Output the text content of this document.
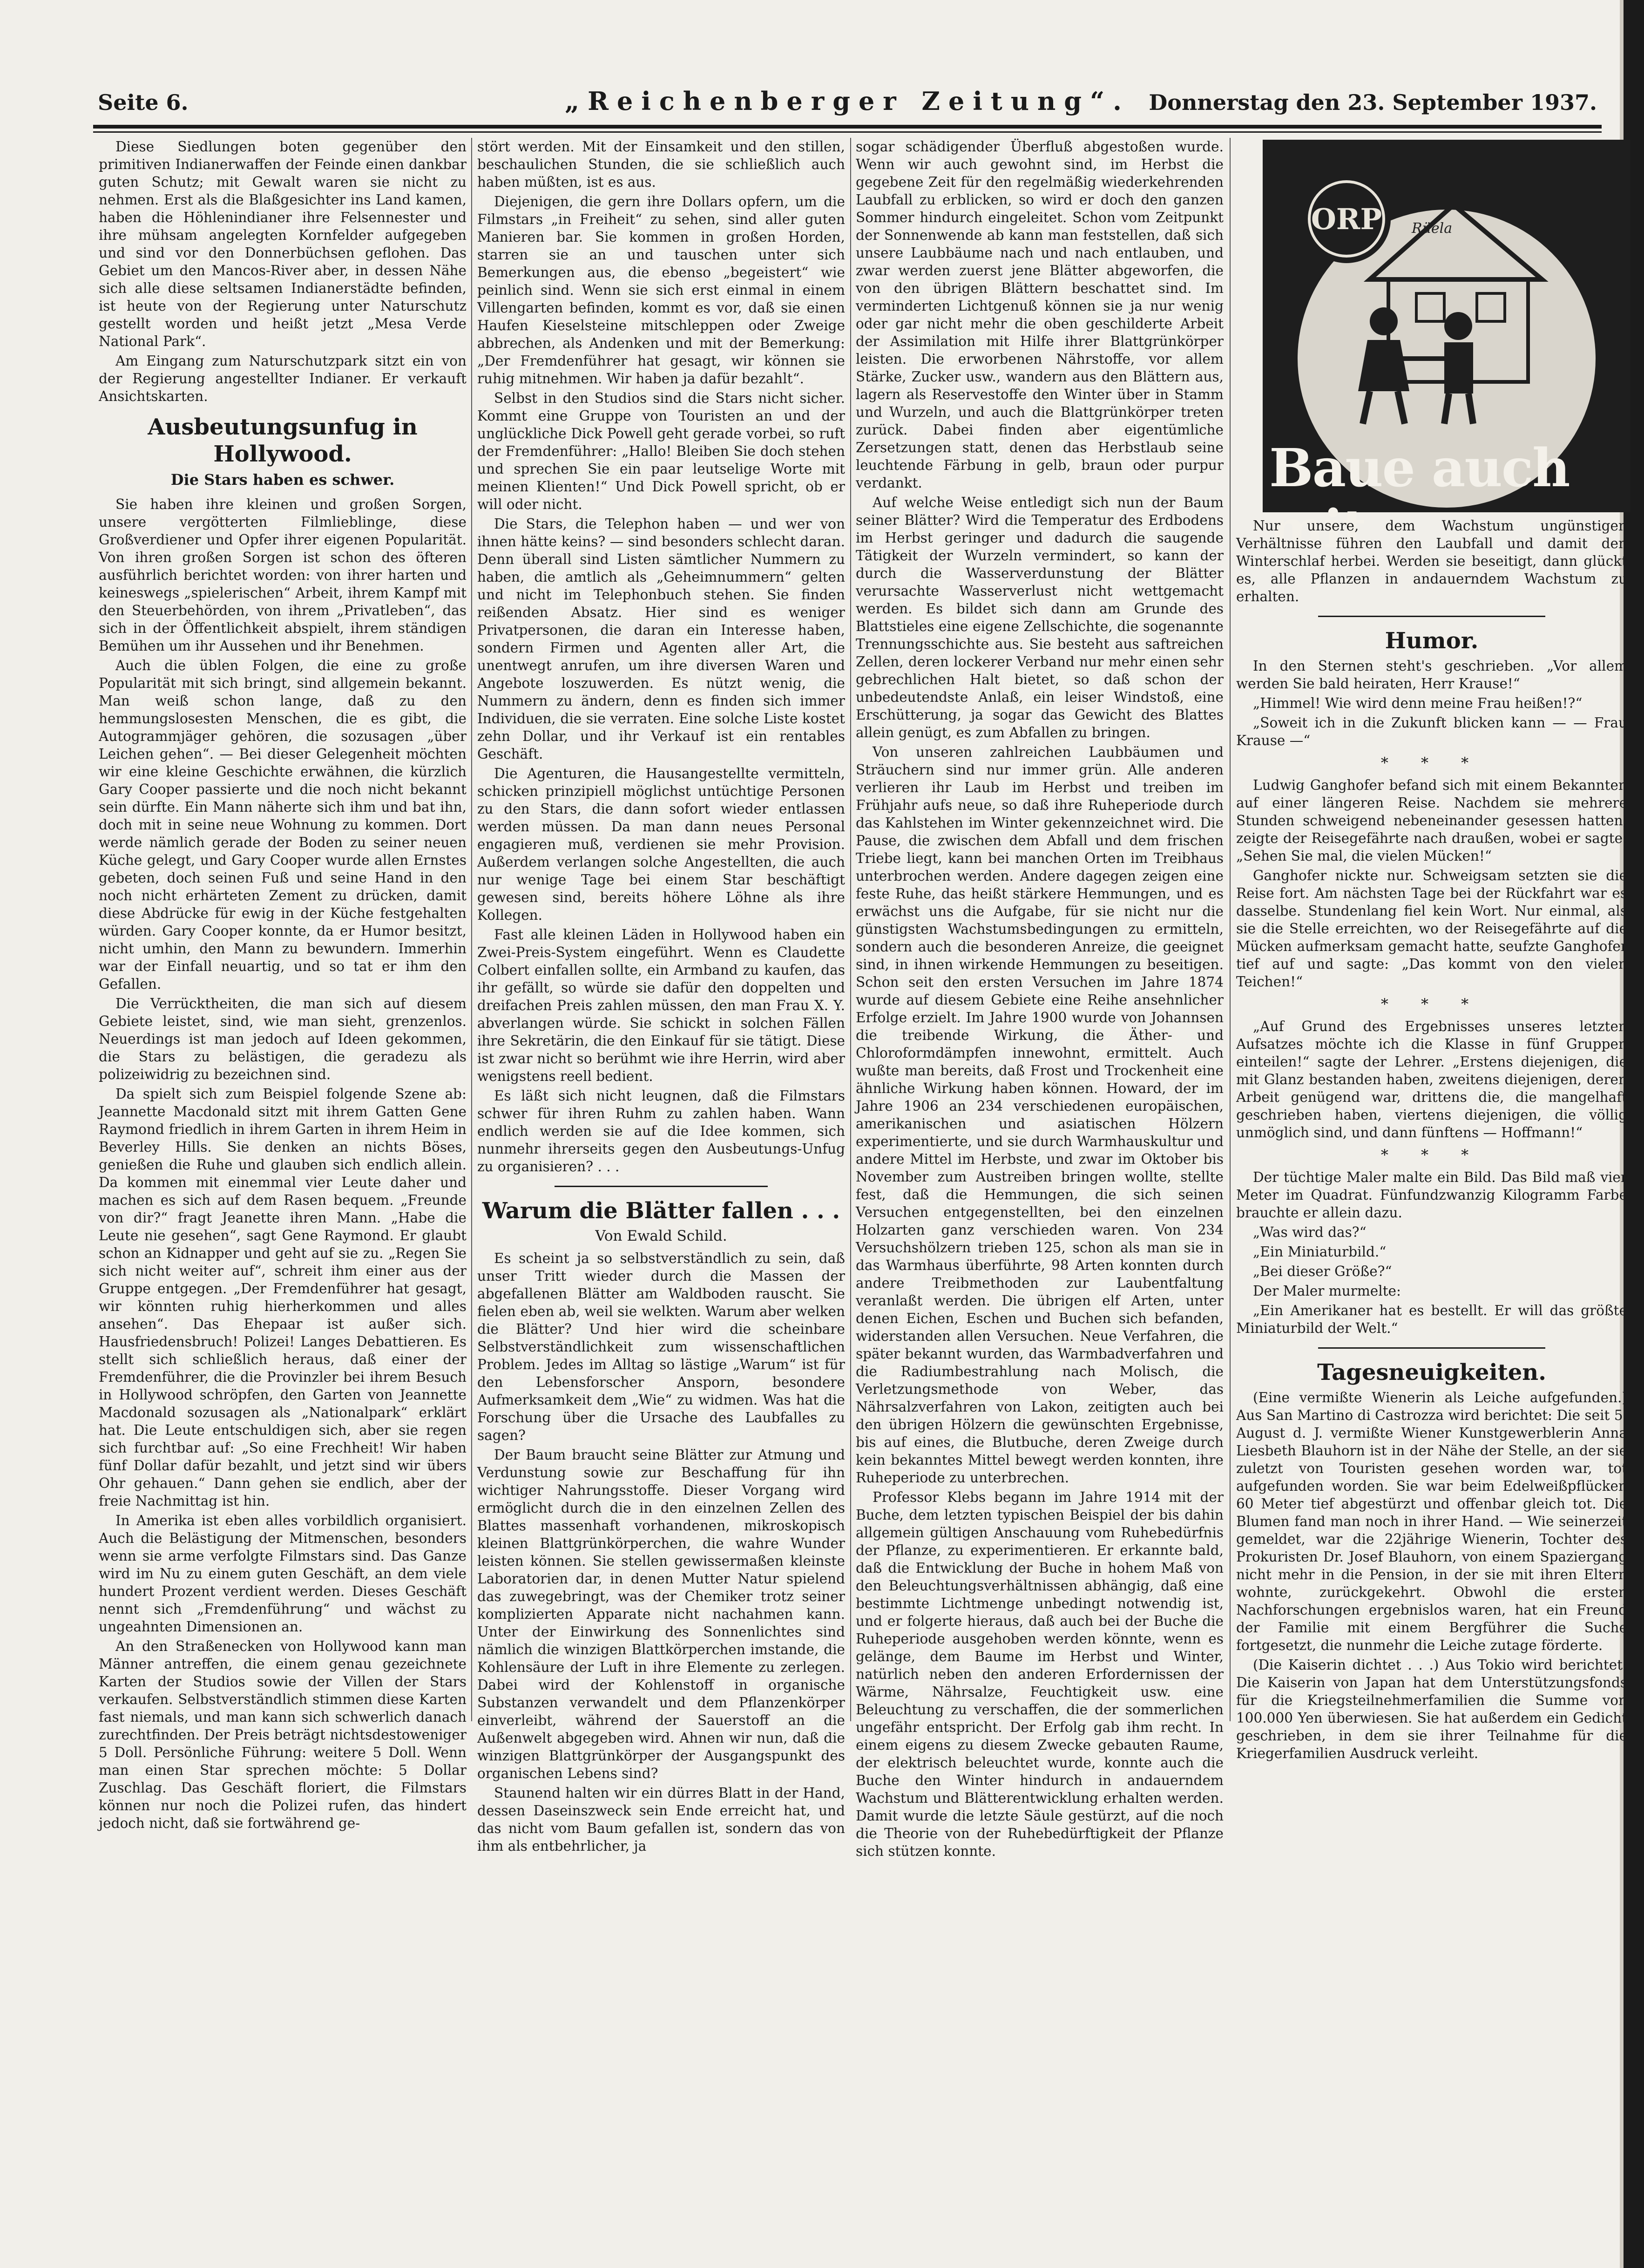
„Reichenberger Zeitung“.
Seite 6.	Donnerstag den 23. September 1937.

Diese Siedlungen boten gegenüber den primitiven Indianerwaffen der Feinde einen dankbar guten Schutz; mit Gewalt waren sie nicht zu nehmen. Erst als die Blaßgesichter ins Land kamen, haben die Höhlenindianer ihre Felsennester und ihre mühsam angelegten Kornfelder aufgegeben und sind vor den Donnerbüchsen geflohen. Das Gebiet um den Mancos-River aber, in dessen Nähe sich alle diese seltsamen Indianerstädte befinden, ist heute von der Regierung unter Naturschutz gestellt worden und heißt jetzt „Mesa Verde National Park“.

Am Eingang zum Naturschutzpark sitzt ein von der Regierung angestellter Indianer. Er verkauft Ansichtskarten.

Ausbeutungsunfug in Hollywood.
Die Stars haben es schwer.

Sie haben ihre kleinen und großen Sorgen, unsere vergötterten Filmlieblinge, diese Großverdiener und Opfer ihrer eigenen Popularität. Von ihren großen Sorgen ist schon des öfteren ausführlich berichtet worden: von ihrer harten und keineswegs „spielerischen“ Arbeit, ihrem Kampf mit den Steuerbehörden, von ihrem „Privatleben“, das sich in der Öffentlichkeit abspielt, ihrem ständigen Bemühen um ihr Aussehen und ihr Benehmen.

Auch die üblen Folgen, die eine zu große Popularität mit sich bringt, sind allgemein bekannt. Man weiß schon lange, daß zu den hemmungslosesten Menschen, die es gibt, die Autogrammjäger gehören, die sozusagen „über Leichen gehen“. — Bei dieser Gelegenheit möchten wir eine kleine Geschichte erwähnen, die kürzlich Gary Cooper passierte und die noch nicht bekannt sein dürfte. Ein Mann näherte sich ihm und bat ihn, doch mit in seine neue Wohnung zu kommen. Dort werde nämlich gerade der Boden zu seiner neuen Küche gelegt, und Gary Cooper wurde allen Ernstes gebeten, doch seinen Fuß und seine Hand in den noch nicht erhärteten Zement zu drücken, damit diese Abdrücke für ewig in der Küche festgehalten würden. Gary Cooper konnte, da er Humor besitzt, nicht umhin, den Mann zu bewundern. Immerhin war der Einfall neuartig, und so tat er ihm den Gefallen.

Die Verrücktheiten, die man sich auf diesem Gebiete leistet, sind, wie man sieht, grenzenlos. Neuerdings ist man jedoch auf Ideen gekommen, die Stars zu belästigen, die geradezu als polizeiwidrig zu bezeichnen sind.

Da spielt sich zum Beispiel folgende Szene ab: Jeannette Macdonald sitzt mit ihrem Gatten Gene Raymond friedlich in ihrem Garten in ihrem Heim in Beverley Hills. Sie denken an nichts Böses, genießen die Ruhe und glauben sich endlich allein. Da kommen mit einemmal vier Leute daher und machen es sich auf dem Rasen bequem. „Freunde von dir?“ fragt Jeanette ihren Mann. „Habe die Leute nie gesehen“, sagt Gene Raymond. Er glaubt schon an Kidnapper und geht auf sie zu. „Regen Sie sich nicht weiter auf“, schreit ihm einer aus der Gruppe entgegen. „Der Fremdenführer hat gesagt, wir könnten ruhig hierherkommen und alles ansehen“. Das Ehepaar ist außer sich. Hausfriedensbruch! Polizei! Langes Debattieren. Es stellt sich schließlich heraus, daß einer der Fremdenführer, die die Provinzler bei ihrem Besuch in Hollywood schröpfen, den Garten von Jeannette Macdonald sozusagen als „Nationalpark“ erklärt hat. Die Leute entschuldigen sich, aber sie regen sich furchtbar auf: „So eine Frechheit! Wir haben fünf Dollar dafür bezahlt, und jetzt sind wir übers Ohr gehauen.“ Dann gehen sie endlich, aber der freie Nachmittag ist hin.

In Amerika ist eben alles vorbildlich organisiert. Auch die Belästigung der Mitmenschen, besonders wenn sie arme verfolgte Filmstars sind. Das Ganze wird im Nu zu einem guten Geschäft, an dem viele hundert Prozent verdient werden. Dieses Geschäft nennt sich „Fremdenführung“ und wächst zu ungeahnten Dimensionen an.

An den Straßenecken von Hollywood kann man Männer antreffen, die einem genau gezeichnete Karten der Studios sowie der Villen der Stars verkaufen. Selbstverständlich stimmen diese Karten fast niemals, und man kann sich schwerlich danach zurechtfinden. Der Preis beträgt nichtsdestoweniger 5 Doll. Persönliche Führung: weitere 5 Doll. Wenn man einen Star sprechen möchte: 5 Dollar Zuschlag. Das Geschäft floriert, die Filmstars können nur noch die Polizei rufen, das hindert jedoch nicht, daß sie fortwährend ge-

stört werden. Mit der Einsamkeit und den stillen, beschaulichen Stunden, die sie schließlich auch haben müßten, ist es aus.

Diejenigen, die gern ihre Dollars opfern, um die Filmstars „in Freiheit“ zu sehen, sind aller guten Manieren bar. Sie kommen in großen Horden, starren sie an und tauschen unter sich Bemerkungen aus, die ebenso „begeistert“ wie peinlich sind. Wenn sie sich erst einmal in einem Villengarten befinden, kommt es vor, daß sie einen Haufen Kieselsteine mitschleppen oder Zweige abbrechen, als Andenken und mit der Bemerkung: „Der Fremdenführer hat gesagt, wir können sie ruhig mitnehmen. Wir haben ja dafür bezahlt“.

Selbst in den Studios sind die Stars nicht sicher. Kommt eine Gruppe von Touristen an und der unglückliche Dick Powell geht gerade vorbei, so ruft der Fremdenführer: „Hallo! Bleiben Sie doch stehen und sprechen Sie ein paar leutselige Worte mit meinen Klienten!“ Und Dick Powell spricht, ob er will oder nicht.

Die Stars, die Telephon haben — und wer von ihnen hätte keins? — sind besonders schlecht daran. Denn überall sind Listen sämtlicher Nummern zu haben, die amtlich als „Geheimnummern“ gelten und nicht im Telephonbuch stehen. Sie finden reißenden Absatz. Hier sind es weniger Privatpersonen, die daran ein Interesse haben, sondern Firmen und Agenten aller Art, die unentwegt anrufen, um ihre diversen Waren und Angebote loszuwerden. Es nützt wenig, die Nummern zu ändern, denn es finden sich immer Individuen, die sie verraten. Eine solche Liste kostet zehn Dollar, und ihr Verkauf ist ein rentables Geschäft.

Die Agenturen, die Hausangestellte vermitteln, schicken prinzipiell möglichst untüchtige Personen zu den Stars, die dann sofort wieder entlassen werden müssen. Da man dann neues Personal engagieren muß, verdienen sie mehr Provision. Außerdem verlangen solche Angestellten, die auch nur wenige Tage bei einem Star beschäftigt gewesen sind, bereits höhere Löhne als ihre Kollegen.

Fast alle kleinen Läden in Hollywood haben ein Zwei-Preis-System eingeführt. Wenn es Claudette Colbert einfallen sollte, ein Armband zu kaufen, das ihr gefällt, so würde sie dafür den doppelten und dreifachen Preis zahlen müssen, den man Frau X. Y. abverlangen würde. Sie schickt in solchen Fällen ihre Sekretärin, die den Einkauf für sie tätigt. Diese ist zwar nicht so berühmt wie ihre Herrin, wird aber wenigstens reell bedient.

Es läßt sich nicht leugnen, daß die Filmstars schwer für ihren Ruhm zu zahlen haben. Wann endlich werden sie auf die Idee kommen, sich nunmehr ihrerseits gegen den Ausbeutungs-Unfug zu organisieren? . . .

Warum die Blätter fallen . . .
Von Ewald Schild.

Es scheint ja so selbstverständlich zu sein, daß unser Tritt wieder durch die Massen der abgefallenen Blätter am Waldboden rauscht. Sie fielen eben ab, weil sie welkten. Warum aber welken die Blätter? Und hier wird die scheinbare Selbstverständlichkeit zum wissenschaftlichen Problem. Jedes im Alltag so lästige „Warum“ ist für den Lebensforscher Ansporn, besondere Aufmerksamkeit dem „Wie“ zu widmen. Was hat die Forschung über die Ursache des Laubfalles zu sagen?

Der Baum braucht seine Blätter zur Atmung und Verdunstung sowie zur Beschaffung für ihn wichtiger Nahrungsstoffe. Dieser Vorgang wird ermöglicht durch die in den einzelnen Zellen des Blattes massenhaft vorhandenen, mikroskopisch kleinen Blattgrünkörperchen, die wahre Wunder leisten können. Sie stellen gewissermaßen kleinste Laboratorien dar, in denen Mutter Natur spielend das zuwegebringt, was der Chemiker trotz seiner komplizierten Apparate nicht nachahmen kann. Unter der Einwirkung des Sonnenlichtes sind nämlich die winzigen Blattkörperchen imstande, die Kohlensäure der Luft in ihre Elemente zu zerlegen. Dabei wird der Kohlenstoff in organische Substanzen verwandelt und dem Pflanzenkörper einverleibt, während der Sauerstoff an die Außenwelt abgegeben wird. Ahnen wir nun, daß die winzigen Blattgrünkörper der Ausgangspunkt des organischen Lebens sind?

Staunend halten wir ein dürres Blatt in der Hand, dessen Daseinszweck sein Ende erreicht hat, und das nicht vom Baum gefallen ist, sondern das von ihm als entbehrlicher, ja

sogar schädigender Überfluß abgestoßen wurde. Wenn wir auch gewohnt sind, im Herbst die gegebene Zeit für den regelmäßig wiederkehrenden Laubfall zu erblicken, so wird er doch den ganzen Sommer hindurch eingeleitet. Schon vom Zeitpunkt der Sonnenwende ab kann man feststellen, daß sich unsere Laubbäume nach und nach entlauben, und zwar werden zuerst jene Blätter abgeworfen, die von den übrigen Blättern beschattet sind. Im verminderten Lichtgenuß können sie ja nur wenig oder gar nicht mehr die oben geschilderte Arbeit der Assimilation mit Hilfe ihrer Blattgrünkörper leisten. Die erworbenen Nährstoffe, vor allem Stärke, Zucker usw., wandern aus den Blättern aus, lagern als Reservestoffe den Winter über in Stamm und Wurzeln, und auch die Blattgrünkörper treten zurück. Dabei finden aber eigentümliche Zersetzungen statt, denen das Herbstlaub seine leuchtende Färbung in gelb, braun oder purpur verdankt.

Auf welche Weise entledigt sich nun der Baum seiner Blätter? Wird die Temperatur des Erdbodens im Herbst geringer und dadurch die saugende Tätigkeit der Wurzeln vermindert, so kann der durch die Wasserverdunstung der Blätter verursachte Wasserverlust nicht wettgemacht werden. Es bildet sich dann am Grunde des Blattstieles eine eigene Zellschichte, die sogenannte Trennungsschichte aus. Sie besteht aus saftreichen Zellen, deren lockerer Verband nur mehr einen sehr gebrechlichen Halt bietet, so daß schon der unbedeutendste Anlaß, ein leiser Windstoß, eine Erschütterung, ja sogar das Gewicht des Blattes allein genügt, es zum Abfallen zu bringen.

Von unseren zahlreichen Laubbäumen und Sträuchern sind nur immer grün. Alle anderen verlieren ihr Laub im Herbst und treiben im Frühjahr aufs neue, so daß ihre Ruheperiode durch das Kahlstehen im Winter gekennzeichnet wird. Die Pause, die zwischen dem Abfall und dem frischen Triebe liegt, kann bei manchen Orten im Treibhaus unterbrochen werden. Andere dagegen zeigen eine feste Ruhe, das heißt stärkere Hemmungen, und es erwächst uns die Aufgabe, für sie nicht nur die günstigsten Wachstumsbedingungen zu ermitteln, sondern auch die besonderen Anreize, die geeignet sind, in ihnen wirkende Hemmungen zu beseitigen. Schon seit den ersten Versuchen im Jahre 1874 wurde auf diesem Gebiete eine Reihe ansehnlicher Erfolge erzielt. Im Jahre 1900 wurde von Johannsen die treibende Wirkung, die Äther- und Chloroformdämpfen innewohnt, ermittelt. Auch wußte man bereits, daß Frost und Trockenheit eine ähnliche Wirkung haben können. Howard, der im Jahre 1906 an 234 verschiedenen europäischen, amerikanischen und asiatischen Hölzern experimentierte, und sie durch Warmhauskultur und andere Mittel im Herbste, und zwar im Oktober bis November zum Austreiben bringen wollte, stellte fest, daß die Hemmungen, die sich seinen Versuchen entgegenstellten, bei den einzelnen Holzarten ganz verschieden waren. Von 234 Versuchshölzern trieben 125, schon als man sie in das Warmhaus überführte, 98 Arten konnten durch andere Treibmethoden zur Laubentfaltung veranlaßt werden. Die übrigen elf Arten, unter denen Eichen, Eschen und Buchen sich befanden, widerstanden allen Versuchen. Neue Verfahren, die später bekannt wurden, das Warmbadverfahren und die Radiumbestrahlung nach Molisch, die Verletzungsmethode von Weber, das Nährsalzverfahren von Lakon, zeitigten auch bei den übrigen Hölzern die gewünschten Ergebnisse, bis auf eines, die Blutbuche, deren Zweige durch kein bekanntes Mittel bewegt werden konnten, ihre Ruheperiode zu unterbrechen.

Professor Klebs begann im Jahre 1914 mit der Buche, dem letzten typischen Beispiel der bis dahin allgemein gültigen Anschauung vom Ruhebedürfnis der Pflanze, zu experimentieren. Er erkannte bald, daß die Entwicklung der Buche in hohem Maß von den Beleuchtungsverhältnissen abhängig, daß eine bestimmte Lichtmenge unbedingt notwendig ist, und er folgerte hieraus, daß auch bei der Buche die Ruheperiode ausgehoben werden könnte, wenn es gelänge, dem Baume im Herbst und Winter, natürlich neben den anderen Erfordernissen der Wärme, Nährsalze, Feuchtigkeit usw. eine Beleuchtung zu verschaffen, die der sommerlichen ungefähr entspricht. Der Erfolg gab ihm recht. In einem eigens zu diesem Zwecke gebauten Raume, der elektrisch beleuchtet wurde, konnte auch die Buche den Winter hindurch in andauerndem Wachstum und Blätterentwicklung erhalten werden. Damit wurde die letzte Säule gestürzt, auf die noch die Theorie von der Ruhebedürftigkeit der Pflanze sich stützen konnte.

ORP Rüela
Baue auch mit

Nur unsere, dem Wachstum ungünstigen Verhältnisse führen den Laubfall und damit den Winterschlaf herbei. Werden sie beseitigt, dann glückt es, alle Pflanzen in andauerndem Wachstum zu erhalten.

Humor.

In den Sternen steht's geschrieben. „Vor allem werden Sie bald heiraten, Herr Krause!“

„Himmel! Wie wird denn meine Frau heißen!?“

„Soweit ich in die Zukunft blicken kann — — Frau Krause —“

* * *

Ludwig Ganghofer befand sich mit einem Bekannten auf einer längeren Reise. Nachdem sie mehrere Stunden schweigend nebeneinander gesessen hatten, zeigte der Reisegefährte nach draußen, wobei er sagte: „Sehen Sie mal, die vielen Mücken!“

Ganghofer nickte nur. Schweigsam setzten sie die Reise fort. Am nächsten Tage bei der Rückfahrt war es dasselbe. Stundenlang fiel kein Wort. Nur einmal, als sie die Stelle erreichten, wo der Reisegefährte auf die Mücken aufmerksam gemacht hatte, seufzte Ganghofer tief auf und sagte: „Das kommt von den vielen Teichen!“

* * *

„Auf Grund des Ergebnisses unseres letzten Aufsatzes möchte ich die Klasse in fünf Gruppen einteilen!“ sagte der Lehrer. „Erstens diejenigen, die mit Glanz bestanden haben, zweitens diejenigen, deren Arbeit genügend war, drittens die, die mangelhaft geschrieben haben, viertens diejenigen, die völlig unmöglich sind, und dann fünftens — Hoffmann!“

* * *

Der tüchtige Maler malte ein Bild. Das Bild maß vier Meter im Quadrat. Fünfundzwanzig Kilogramm Farbe brauchte er allein dazu.

„Was wird das?“

„Ein Miniaturbild.“

„Bei dieser Größe?“

Der Maler murmelte:

„Ein Amerikaner hat es bestellt. Er will das größte Miniaturbild der Welt.“

Tagesneuigkeiten.

(Eine vermißte Wienerin als Leiche aufgefunden.) Aus San Martino di Castrozza wird berichtet: Die seit 5. August d. J. vermißte Wiener Kunstgewerblerin Anna Liesbeth Blauhorn ist in der Nähe der Stelle, an der sie zuletzt von Touristen gesehen worden war, tot aufgefunden worden. Sie war beim Edelweißpflücken 60 Meter tief abgestürzt und offenbar gleich tot. Die Blumen fand man noch in ihrer Hand. — Wie seinerzeit gemeldet, war die 22jährige Wienerin, Tochter des Prokuristen Dr. Josef Blauhorn, von einem Spaziergang nicht mehr in die Pension, in der sie mit ihren Eltern wohnte, zurückgekehrt. Obwohl die ersten Nachforschungen ergebnislos waren, hat ein Freund der Familie mit einem Bergführer die Suche fortgesetzt, die nunmehr die Leiche zutage förderte.

(Die Kaiserin dichtet . . .) Aus Tokio wird berichtet: Die Kaiserin von Japan hat dem Unterstützungsfonds für die Kriegsteilnehmerfamilien die Summe von 100.000 Yen überwiesen. Sie hat außerdem ein Gedicht geschrieben, in dem sie ihrer Teilnahme für die Kriegerfamilien Ausdruck verleiht.
